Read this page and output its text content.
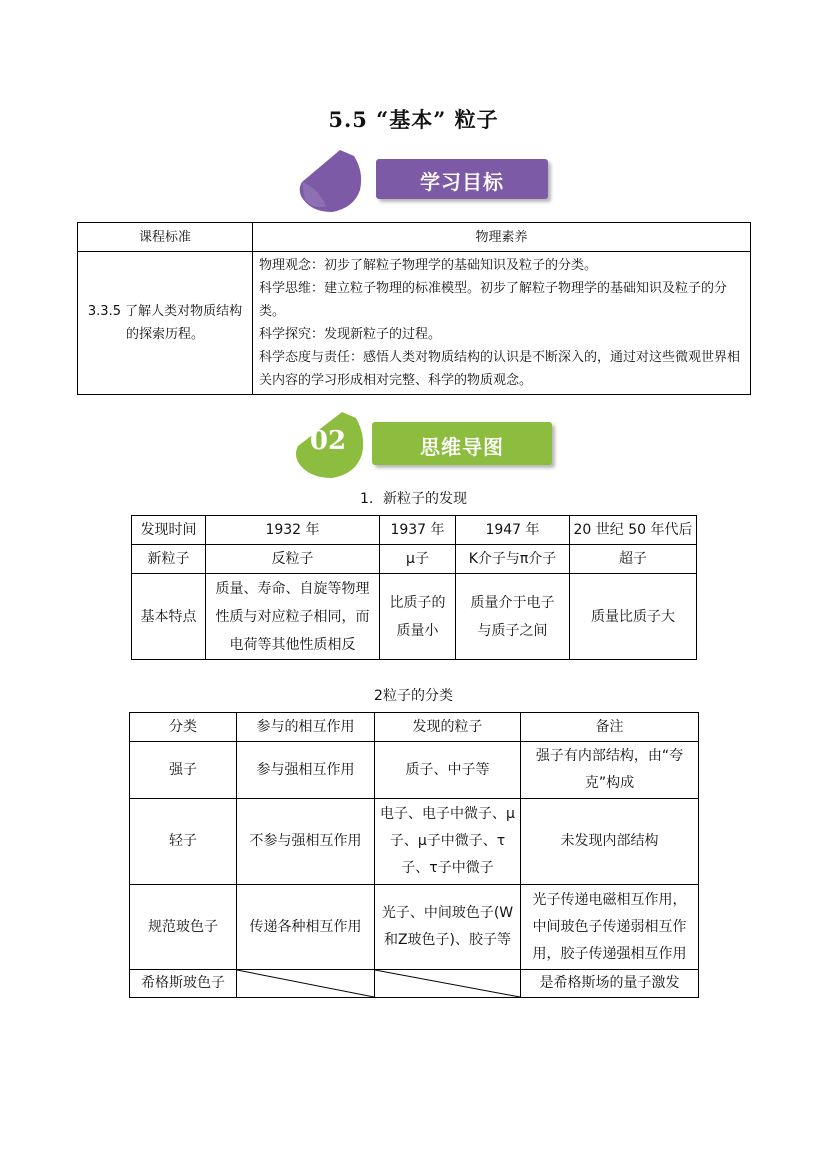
5.5 “基本” 粒子
学习目标
课程标准	物理素养
3.3.5 了解人类对物质结构的探索历程。	物理观念：初步了解粒子物理学的基础知识及粒子的分类。
科学思维：建立粒子物理的标准模型。初步了解粒子物理学的基础知识及粒子的分类。
科学探究：发现新粒子的过程。
科学态度与责任：感悟人类对物质结构的认识是不断深入的，通过对这些微观世界相关内容的学习形成相对完整、科学的物质观念。
02	思维导图
1．新粒子的发现
发现时间	1932 年	1937 年	1947 年	20 世纪 50 年代后
新粒子	反粒子	μ子	K介子与π介子	超子
基本特点	质量、寿命、自旋等物理性质与对应粒子相同，而电荷等其他性质相反	比质子的质量小	质量介于电子与质子之间	质量比质子大
2粒子的分类
分类	参与的相互作用	发现的粒子	备注
强子	参与强相互作用	质子、中子等	强子有内部结构，由“夸克”构成
轻子	不参与强相互作用	电子、电子中微子、μ子、μ子中微子、τ子、τ子中微子	未发现内部结构
规范玻色子	传递各种相互作用	光子、中间玻色子(W和Z玻色子)、胶子等	光子传递电磁相互作用，中间玻色子传递弱相互作用，胶子传递强相互作用
希格斯玻色子			是希格斯场的量子激发
